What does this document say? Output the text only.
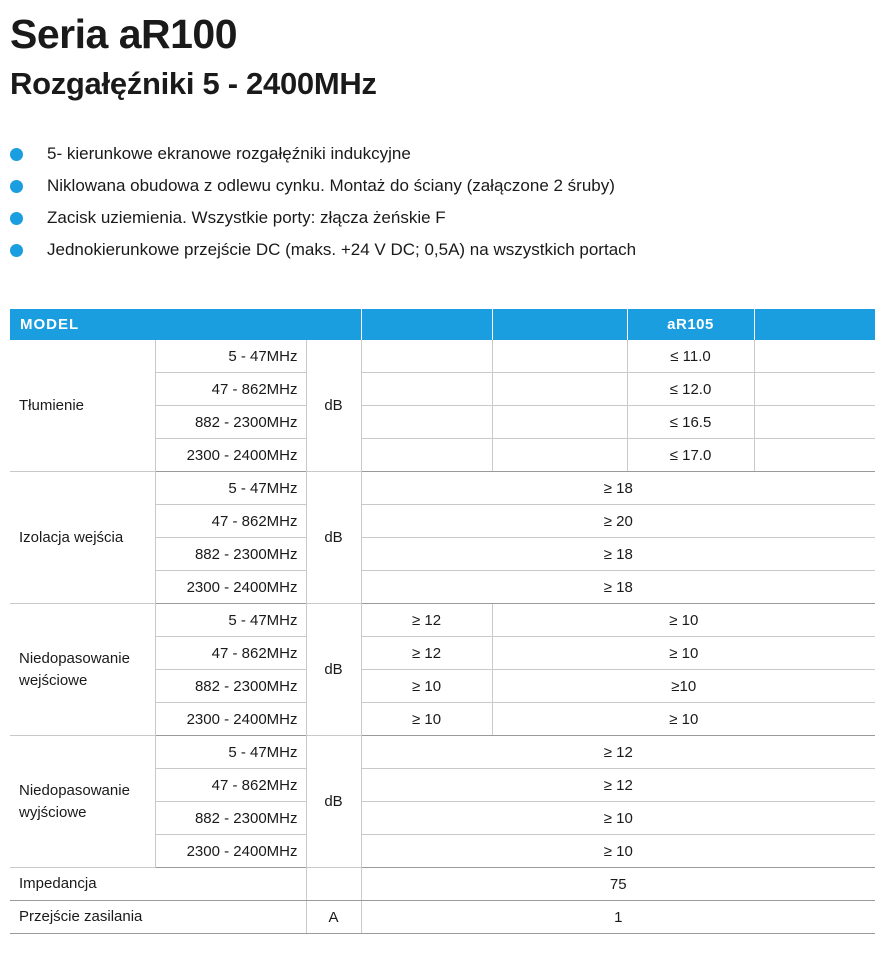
Seria aR100
Rozgałęźniki 5 - 2400MHz
5- kierunkowe ekranowe rozgałęźniki indukcyjne
Niklowana obudowa z odlewu cynku. Montaż do ściany (załączone 2 śruby)
Zacisk uziemienia. Wszystkie porty: złącza żeńskie F
Jednokierunkowe przejście DC (maks. +24 V DC; 0,5A) na wszystkich portach
MODEL					aR105	
Tłumienie	5 - 47MHz	dB			≤ 11.0	
	47 - 862MHz				≤ 12.0	
	882 - 2300MHz				≤ 16.5	
	2300 - 2400MHz				≤ 17.0	
Izolacja wejścia	5 - 47MHz	dB	≥ 18			
	47 - 862MHz		≥ 20			
	882 - 2300MHz		≥ 18			
	2300 - 2400MHz		≥ 18			
Niedopasowanie wejściowe	5 - 47MHz	dB	≥ 12	≥ 10		
	47 - 862MHz		≥ 12	≥ 10		
	882 - 2300MHz		≥ 10	≥10		
	2300 - 2400MHz		≥ 10	≥ 10		
Niedopasowanie wyjściowe	5 - 47MHz	dB	≥ 12			
	47 - 862MHz		≥ 12			
	882 - 2300MHz		≥ 10			
	2300 - 2400MHz		≥ 10			
Impedancja			75			
Przejście zasilania		A	1			
